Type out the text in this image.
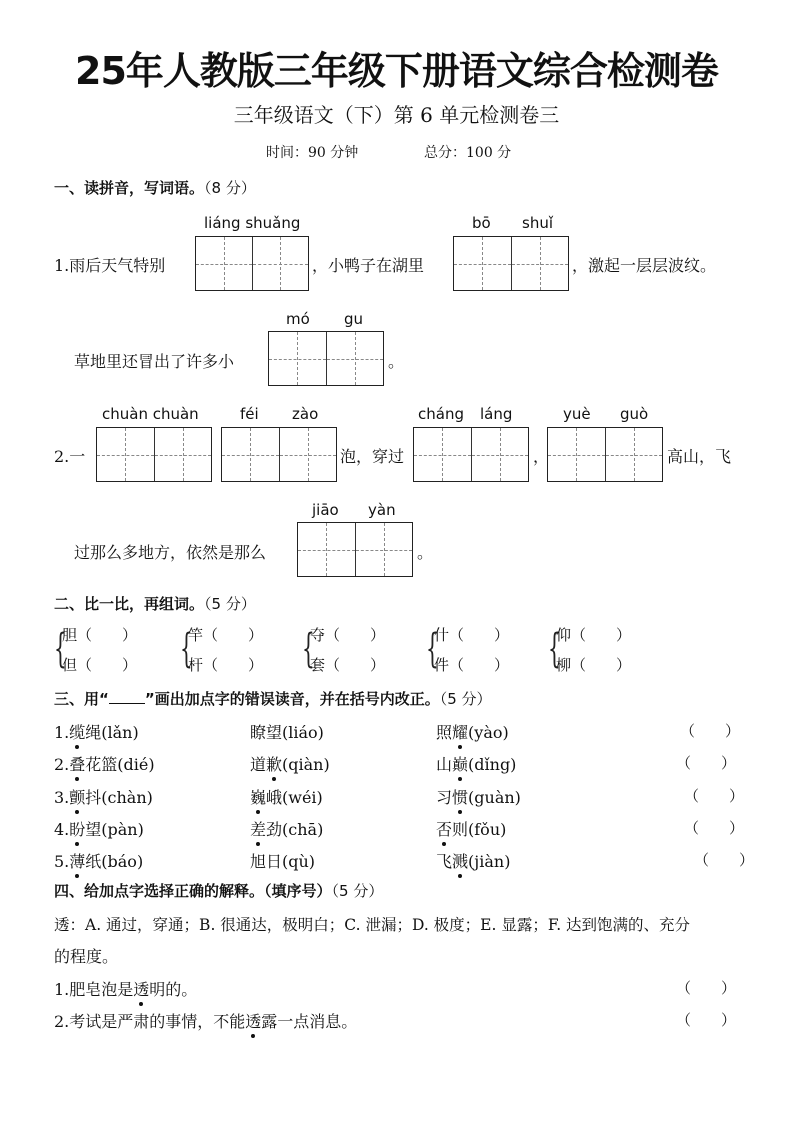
25年人教版三年级下册语文综合检测卷
三年级语文（下）第 6 单元检测卷三
时间：90 分钟	总分：100 分
一、读拼音，写词语。（8 分）
liáng shuǎng	bō shuǐ
1.雨后天气特别	，小鸭子在湖里	，激起一层层波纹。
mó gu
草地里还冒出了许多小	。
chuàn chuàn	féi zào	cháng láng	yuè guò
2.一	泡，穿过	，	高山，飞
jiāo yàn
过那么多地方，依然是那么	。
二、比一比，再组词。（5 分）
{
胆（　　）
但（　　） {
竿（　　）
杆（　　） {
夺（　　）
套（　　） {
什（　　）
件（　　） {
仰（　　）
柳（　　）
三、用“ ”画出加点字的错误读音，并在括号内改正。（5 分）
1.缆绳(lǎn)	瞭望(liáo)	照耀(yào)	（　　）
2.叠花篮(dié)	道歉(qiàn)	山巅(dǐng)	（　　）
3.颤抖(chàn)	巍峨(wéi)	习惯(guàn)	（　　）
4.盼望(pàn)	差劲(chā)	否则(fǒu)	（　　）
5.薄纸(báo)	旭日(qù)	飞溅(jiàn)	（　　）
四、给加点字选择正确的解释。（填序号）（5 分）
透：A. 通过，穿通；B. 很通达，极明白；C. 泄漏；D. 极度；E. 显露；F. 达到饱满的、充分
的程度。
1.肥皂泡是透明的。	（　　）
2.考试是严肃的事情，不能透露一点消息。	（　　）
